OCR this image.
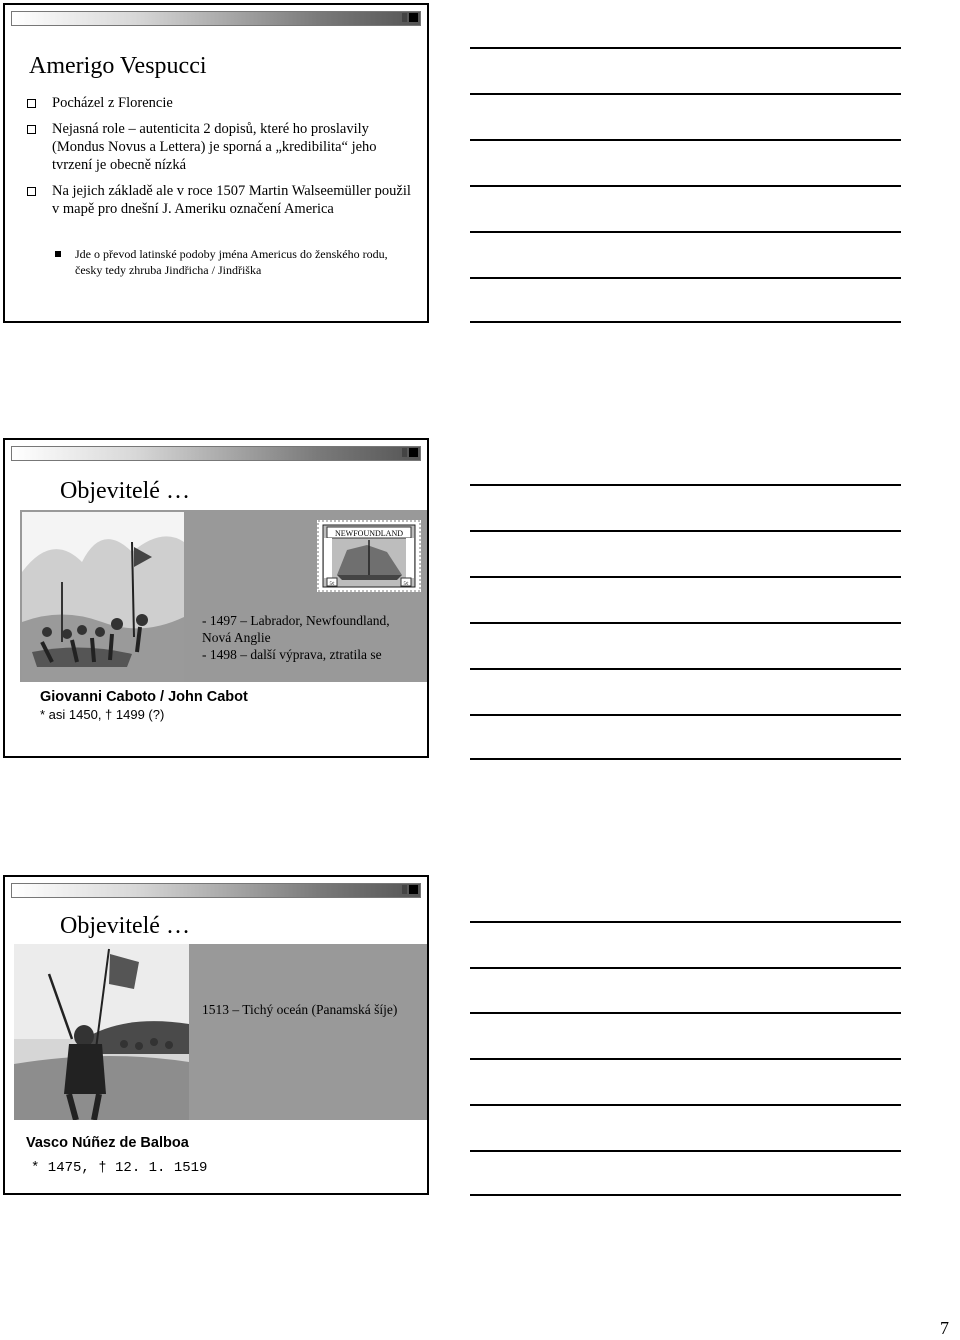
Amerigo Vespucci
Pocházel z Florencie
Nejasná role – autenticita 2 dopisů, které ho proslavily (Mondus Novus a Lettera) je sporná a „kredibilita“ jeho tvrzení je obecně nízká
Na jejich základě ale v roce 1507 Martin Walseemüller použil v mapě pro dnešní J. Ameriku označení America
Jde o převod latinské podoby jména Americus do ženského rodu, česky tedy zhruba Jindřicha / Jindřiška
Objevitelé …
NEWFOUNDLAND
5¢	5¢
- 1497 – Labrador, Newfoundland,
Nová Anglie
- 1498 – další výprava, ztratila se
Giovanni Caboto / John Cabot
* asi 1450, † 1499 (?)
Objevitelé …
1513 – Tichý oceán (Panamská šíje)
Vasco Núñez de Balboa
* 1475, † 12. 1. 1519
7
